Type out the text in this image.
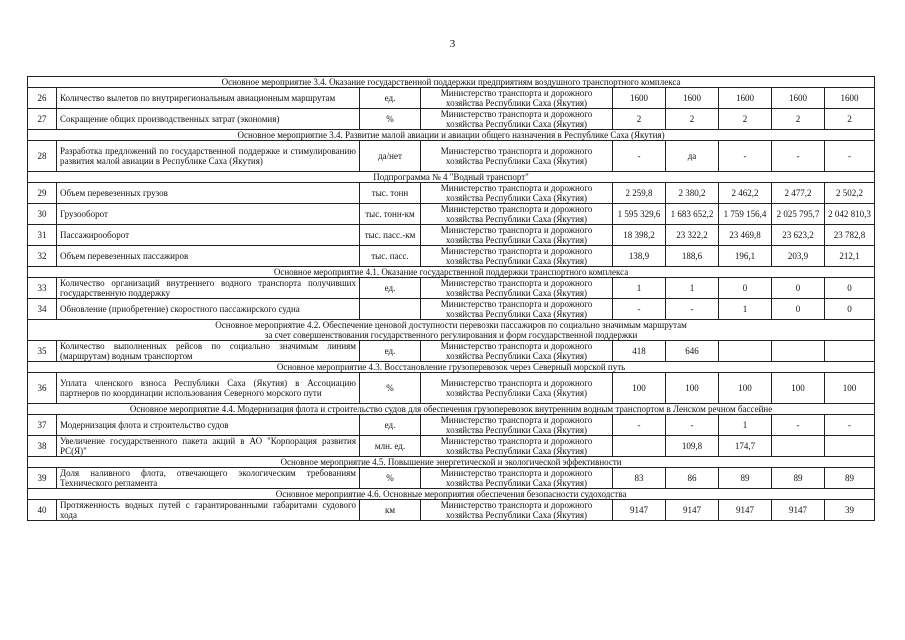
3
Основное мероприятие 3.4. Оказание государственной поддержки предприятиям воздушного транспортного комплекса								

26	Количество вылетов по внутрирегиональным авиационным маршрутам	ед.	Министерство транспорта и дорожного хозяйства Республики Саха (Якутия)	1600	1600	1600	1600	1600
27	Сокращение общих производственных затрат (экономия)	%	Министерство транспорта и дорожного хозяйства Республики Саха (Якутия)	2	2	2	2	2

Основное мероприятие 3.4. Развитие малой авиации и авиации общего назначения в Республике Саха (Якутия)								

28	Разработка предложений по государственной поддержке и стимулированию развития малой авиации в Республике Саха (Якутия)	да/нет	Министерство транспорта и дорожного хозяйства Республики Саха (Якутия)	-	да	-	-	-

Подпрограмма № 4 "Водный транспорт"								

29	Объем перевезенных грузов	тыс. тонн	Министерство транспорта и дорожного хозяйства Республики Саха (Якутия)	2 259,8	2 380,2	2 462,2	2 477,2	2 502,2
30	Грузооборот	тыс. тонн-км	Министерство транспорта и дорожного хозяйства Республики Саха (Якутия)	1 595 329,6	1 683 652,2	1 759 156,4	2 025 795,7	2 042 810,3
31	Пассажирооборот	тыс. пасс.-км	Министерство транспорта и дорожного хозяйства Республики Саха (Якутия)	18 398,2	23 322,2	23 469,8	23 623,2	23 782,8
32	Объем перевезенных пассажиров	тыс. пасс.	Министерство транспорта и дорожного хозяйства Республики Саха (Якутия)	138,9	188,6	196,1	203,9	212,1

Основное мероприятие 4.1. Оказание государственной поддержки транспортного комплекса								

33	Количество организаций внутреннего водного транспорта получивших государственную поддержку	ед.	Министерство транспорта и дорожного хозяйства Республики Саха (Якутия)	1	1	0	0	0
34	Обновление (приобретение) скоростного пассажирского судна		Министерство транспорта и дорожного хозяйства Республики Саха (Якутия)	-	-	1	0	0

Основное мероприятие 4.2. Обеспечение ценовой доступности перевозки пассажиров по социально значимым маршрутам
за счет совершенствования государственного регулирования и форм государственной поддержки								

35	Количество выполненных рейсов по социально значимым линиям (маршрутам) водным транспортом	ед.	Министерство транспорта и дорожного хозяйства Республики Саха (Якутия)	418	646			

Основное мероприятие 4.3. Восстановление грузоперевозок через Северный морской путь								

36	Уплата членского взноса Республики Саха (Якутия) в Ассоциацию партнеров по координации использования Северного морского пути	%	Министерство транспорта и дорожного хозяйства Республики Саха (Якутия)	100	100	100	100	100

Основное мероприятие 4.4. Модернизация флота и строительство судов для обеспечения грузоперевозок внутренним водным транспортом в Ленском речном бассейне								

37	Модернизация флота и строительство судов	ед.	Министерство транспорта и дорожного хозяйства Республики Саха (Якутия)	-	-	1	-	-
38	Увеличение государственного пакета акций в АО "Корпорация развития РС(Я)"	млн. ед.	Министерство транспорта и дорожного хозяйства Республики Саха (Якутия)		109,8	174,7		

Основное мероприятие 4.5. Повышение энергетической и экологической эффективности								

39	Доля наливного флота, отвечающего экологическим требованиям Технического регламента	%	Министерство транспорта и дорожного хозяйства Республики Саха (Якутия)	83	86	89	89	89

Основное мероприятие 4.6. Основные мероприятия обеспечения безопасности судоходства								

40	Протяженность водных путей с гарантированными габаритами судового хода	км	Министерство транспорта и дорожного хозяйства Республики Саха (Якутия)	9147	9147	9147	9147	39
